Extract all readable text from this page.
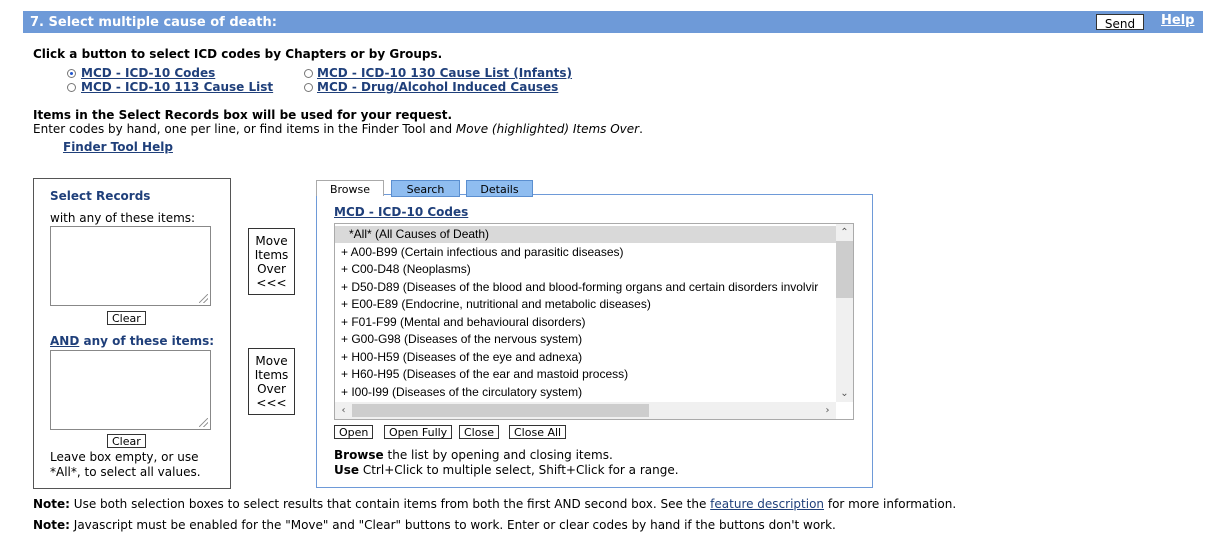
7. Select multiple cause of death:	Send	Help
Click a button to select ICD codes by Chapters or by Groups.
MCD - ICD-10 Codes	MCD - ICD-10 130 Cause List (Infants)
MCD - ICD-10 113 Cause List	MCD - Drug/Alcohol Induced Causes
Items in the Select Records box will be used for your request.
Enter codes by hand, one per line, or find items in the Finder Tool and Move (highlighted) Items Over.
Finder Tool Help
Select Records
with any of these items:
Clear
AND any of these items:
Clear
Leave box empty, or use
*All*, to select all values.
Move
Items
Over
<<<
Move
Items
Over
<<<
Browse	Search	Details
MCD - ICD-10 Codes
*All* (All Causes of Death)
+ A00-B99 (Certain infectious and parasitic diseases)
+ C00-D48 (Neoplasms)
+ D50-D89 (Diseases of the blood and blood-forming organs and certain disorders involvir
+ E00-E89 (Endocrine, nutritional and metabolic diseases)
+ F01-F99 (Mental and behavioural disorders)
+ G00-G98 (Diseases of the nervous system)
+ H00-H59 (Diseases of the eye and adnexa)
+ H60-H95 (Diseases of the ear and mastoid process)
+ I00-I99 (Diseases of the circulatory system)
⌃
⌄
‹	›
Open	Open Fully	Close	Close All
Browse the list by opening and closing items.
Use Ctrl+Click to multiple select, Shift+Click for a range.
Note: Use both selection boxes to select results that contain items from both the first AND second box. See the feature description for more information.
Note: Javascript must be enabled for the "Move" and "Clear" buttons to work. Enter or clear codes by hand if the buttons don't work.
